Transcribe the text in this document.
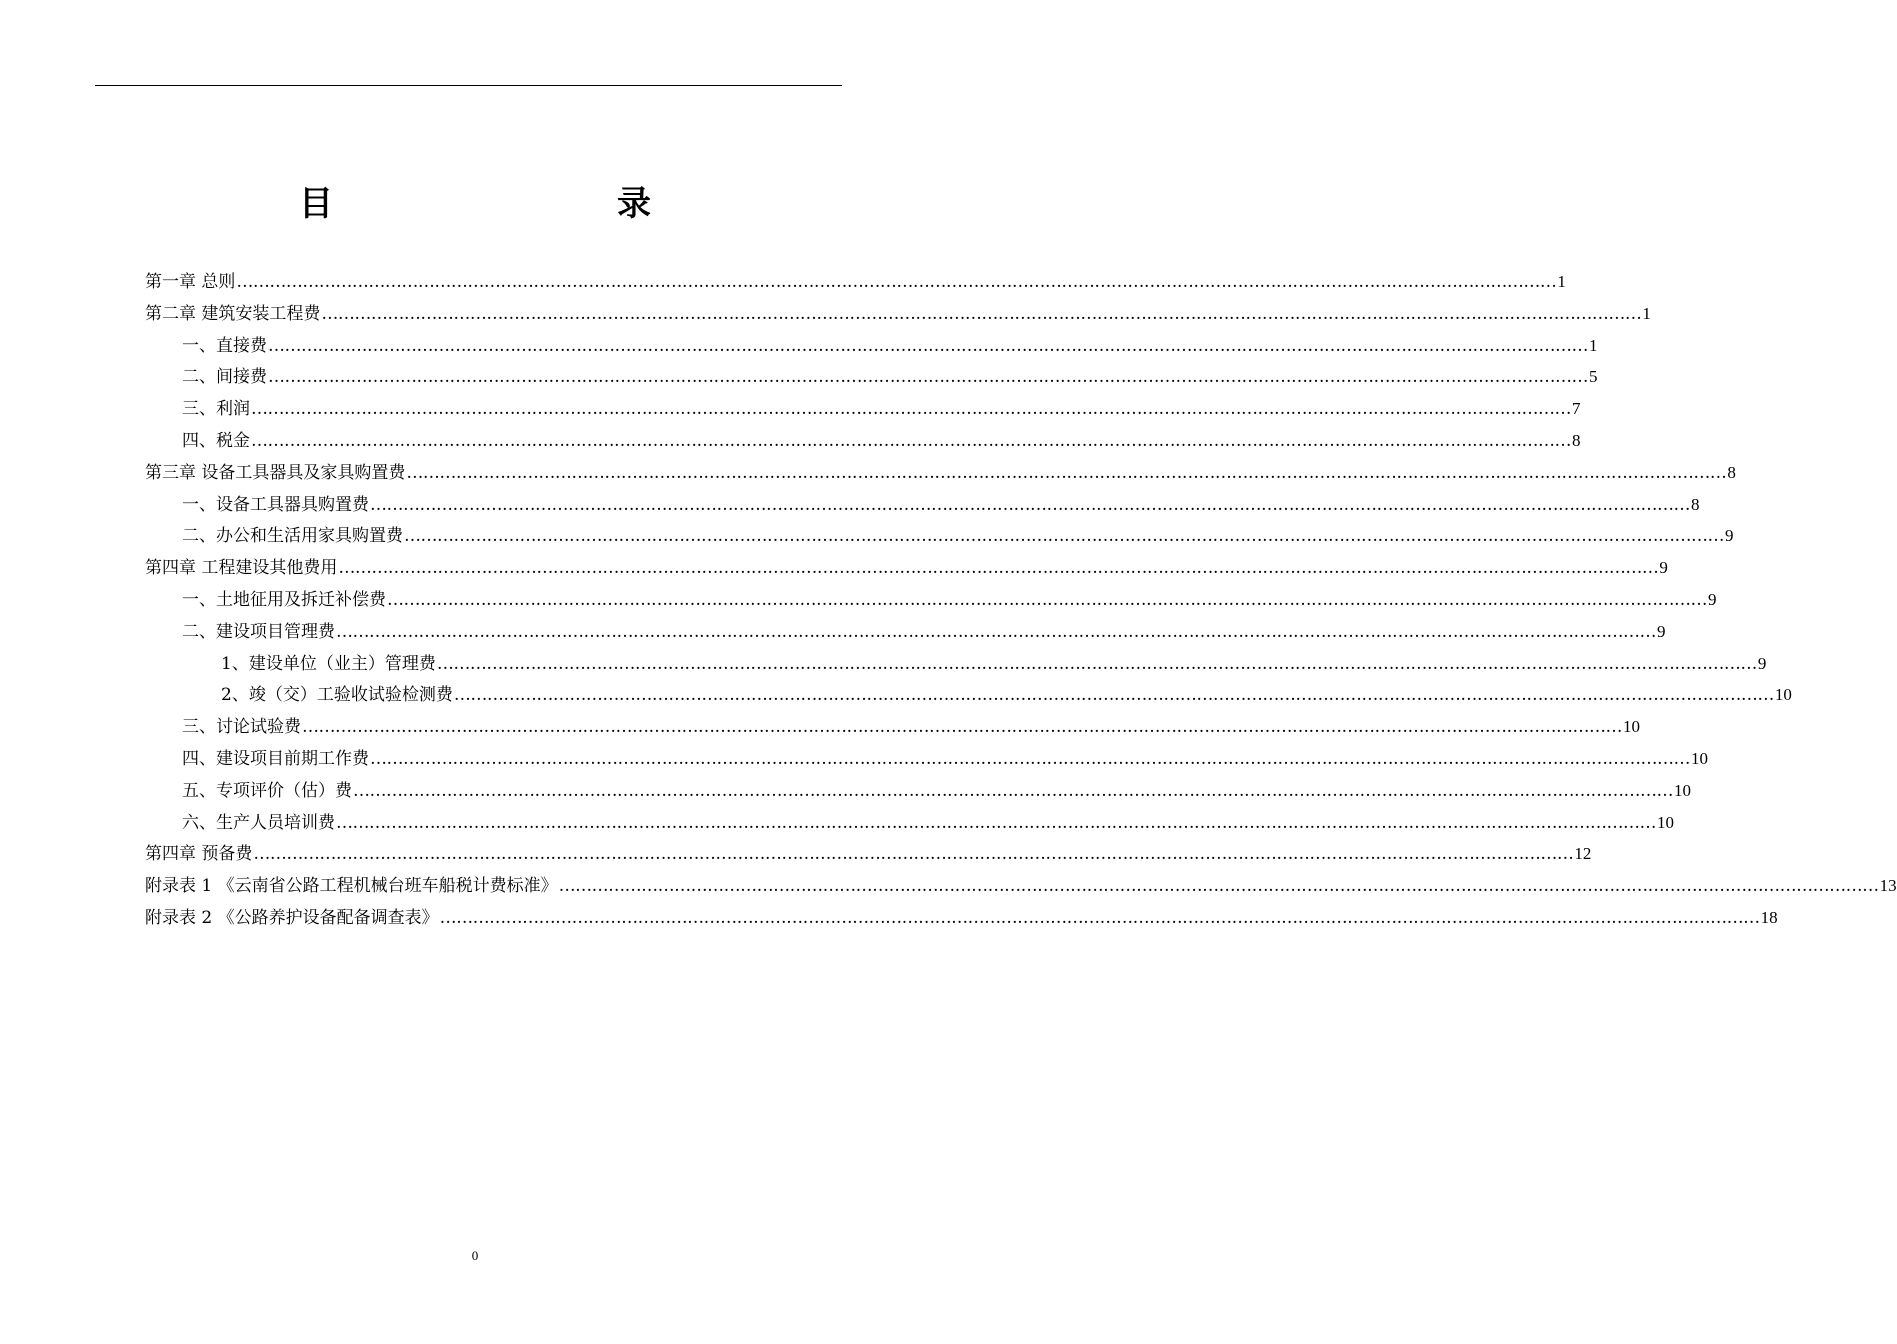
目　　录
第一章 总则 …………………………………………………………………………………………………………………………………………………………………………………………………………………… 1
第二章 建筑安装工程费 …………………………………………………………………………………………………………………………………………………………………………………………………………………… 1
一、直接费 …………………………………………………………………………………………………………………………………………………………………………………………………………………… 1
二、间接费 …………………………………………………………………………………………………………………………………………………………………………………………………………………… 5
三、利润 …………………………………………………………………………………………………………………………………………………………………………………………………………………… 7
四、税金 …………………………………………………………………………………………………………………………………………………………………………………………………………………… 8
第三章 设备工具器具及家具购置费 …………………………………………………………………………………………………………………………………………………………………………………………………………………… 8
一、设备工具器具购置费 …………………………………………………………………………………………………………………………………………………………………………………………………………………… 8
二、办公和生活用家具购置费 …………………………………………………………………………………………………………………………………………………………………………………………………………………… 9
第四章 工程建设其他费用 …………………………………………………………………………………………………………………………………………………………………………………………………………………… 9
一、土地征用及拆迁补偿费 …………………………………………………………………………………………………………………………………………………………………………………………………………………… 9
二、建设项目管理费 …………………………………………………………………………………………………………………………………………………………………………………………………………………… 9
1、建设单位（业主）管理费 …………………………………………………………………………………………………………………………………………………………………………………………………………………… 9
2、竣（交）工验收试验检测费 …………………………………………………………………………………………………………………………………………………………………………………………………………………… 10
三、讨论试验费 …………………………………………………………………………………………………………………………………………………………………………………………………………………… 10
四、建设项目前期工作费 …………………………………………………………………………………………………………………………………………………………………………………………………………………… 10
五、专项评价（估）费 …………………………………………………………………………………………………………………………………………………………………………………………………………………… 10
六、生产人员培训费 …………………………………………………………………………………………………………………………………………………………………………………………………………………… 10
第四章 预备费 …………………………………………………………………………………………………………………………………………………………………………………………………………………… 12
附录表 1 《云南省公路工程机械台班车船税计费标准》 …………………………………………………………………………………………………………………………………………………………………………………………………………………… 13
附录表 2 《公路养护设备配备调查表》 …………………………………………………………………………………………………………………………………………………………………………………………………………………… 18
0
